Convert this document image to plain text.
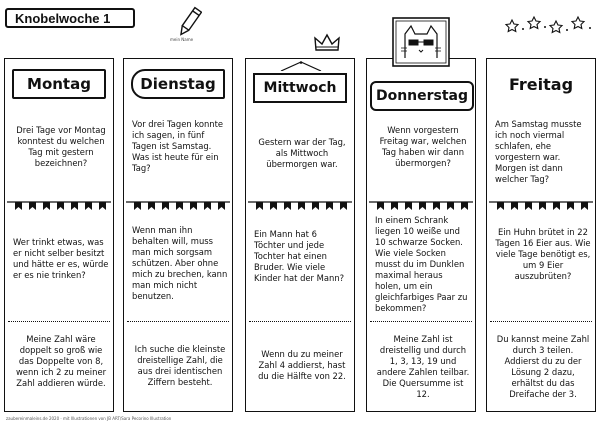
Knobelwoche 1
mein Name
Montag
Drei Tage vor Montag konntest du welchen Tag mit gestern bezeichnen?
Wer trinkt etwas, was er nicht selber besitzt und hätte er es, würde er es nie trinken?
Meine Zahl wäre doppelt so groß wie das Doppelte von 8, wenn ich 2 zu meiner Zahl addieren würde.
Dienstag
Vor drei Tagen konnte ich sagen, in fünf Tagen ist Samstag. Was ist heute für ein Tag?
Wenn man ihn behalten will, muss man mich sorgsam schützen. Aber ohne mich zu brechen, kann man mich nicht benutzen.
Ich suche die kleinste dreistellige Zahl, die aus drei identischen Ziffern besteht.
Mittwoch
Gestern war der Tag, als Mittwoch übermorgen war.
Ein Mann hat 6 Töchter und jede Tochter hat einen Bruder. Wie viele Kinder hat der Mann?
Wenn du zu meiner Zahl 4 addierst, hast du die Hälfte von 22.
Donnerstag
Wenn vorgestern Freitag war, welchen Tag haben wir dann übermorgen?
In einem Schrank liegen 10 weiße und 10 schwarze Socken. Wie viele Socken musst du im Dunklen maximal heraus holen, um ein gleichfarbiges Paar zu bekommen?
Meine Zahl ist dreistellig und durch 1, 3, 13, 19 und andere Zahlen teilbar. Die Quersumme ist 12.
Freitag
Am Samstag musste ich noch viermal schlafen, ehe vorgestern war. Morgen ist dann welcher Tag?
Ein Huhn brütet in 22 Tagen 16 Eier aus. Wie viele Tage benötigt es, um 9 Eier auszubrüten?
Du kannst meine Zahl durch 3 teilen. Addierst du zu der Lösung 2 dazu, erhältst du das Dreifache der 3.
zaubereinmaleins.de 2020 · mit Illustrationen von JB ART/Sara Pecorino Illustration
